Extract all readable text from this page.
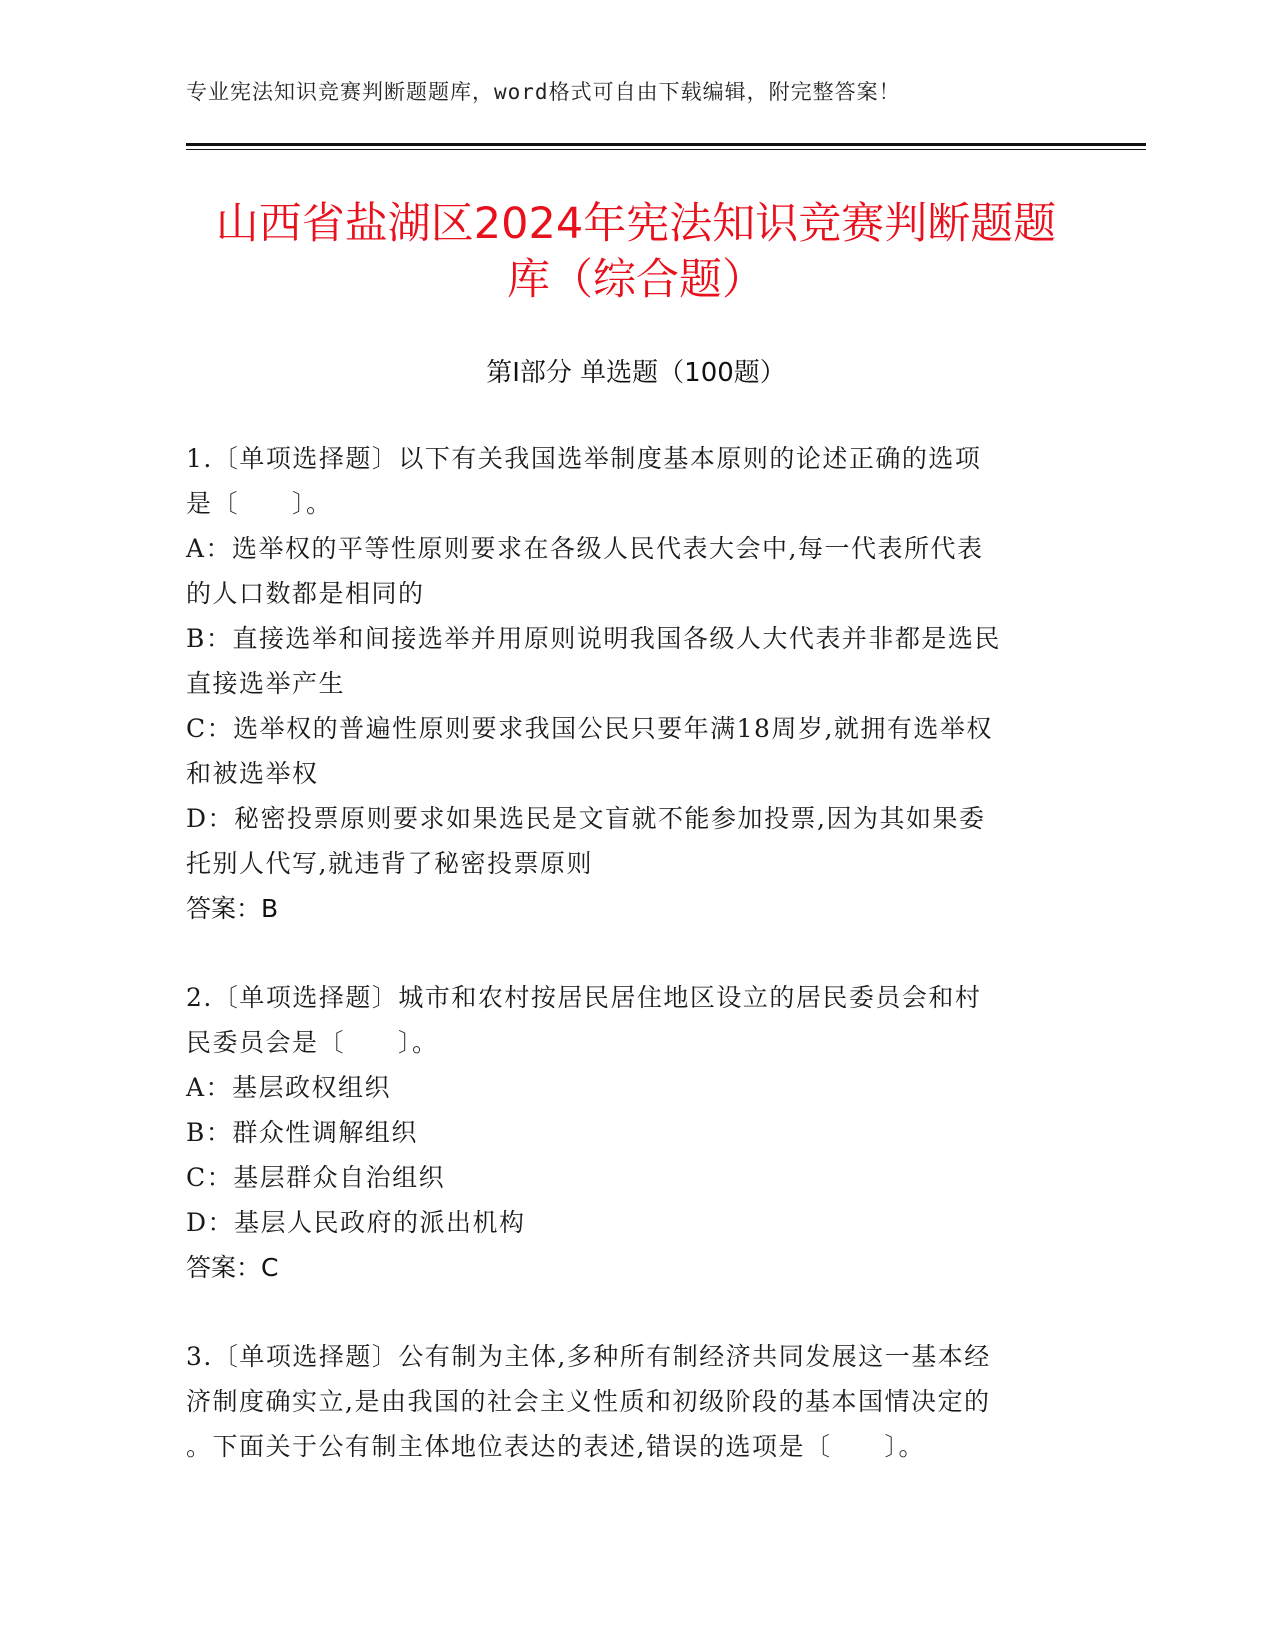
专业宪法知识竞赛判断题题库，word格式可自由下载编辑，附完整答案！
山西省盐湖区2024年宪法知识竞赛判断题题
库（综合题）
第Ⅰ部分 单选题（100题）
1.〔单项选择题〕以下有关我国选举制度基本原则的论述正确的选项
是〔　　〕。
A：选举权的平等性原则要求在各级人民代表大会中,每一代表所代表
的人口数都是相同的
B：直接选举和间接选举并用原则说明我国各级人大代表并非都是选民
直接选举产生
C：选举权的普遍性原则要求我国公民只要年满18周岁,就拥有选举权
和被选举权
D：秘密投票原则要求如果选民是文盲就不能参加投票,因为其如果委
托别人代写,就违背了秘密投票原则
答案：B
2.〔单项选择题〕城市和农村按居民居住地区设立的居民委员会和村
民委员会是〔　　〕。
A：基层政权组织
B：群众性调解组织
C：基层群众自治组织
D：基层人民政府的派出机构
答案：C
3.〔单项选择题〕公有制为主体,多种所有制经济共同发展这一基本经
济制度确实立,是由我国的社会主义性质和初级阶段的基本国情决定的
。下面关于公有制主体地位表达的表述,错误的选项是〔　　〕。
